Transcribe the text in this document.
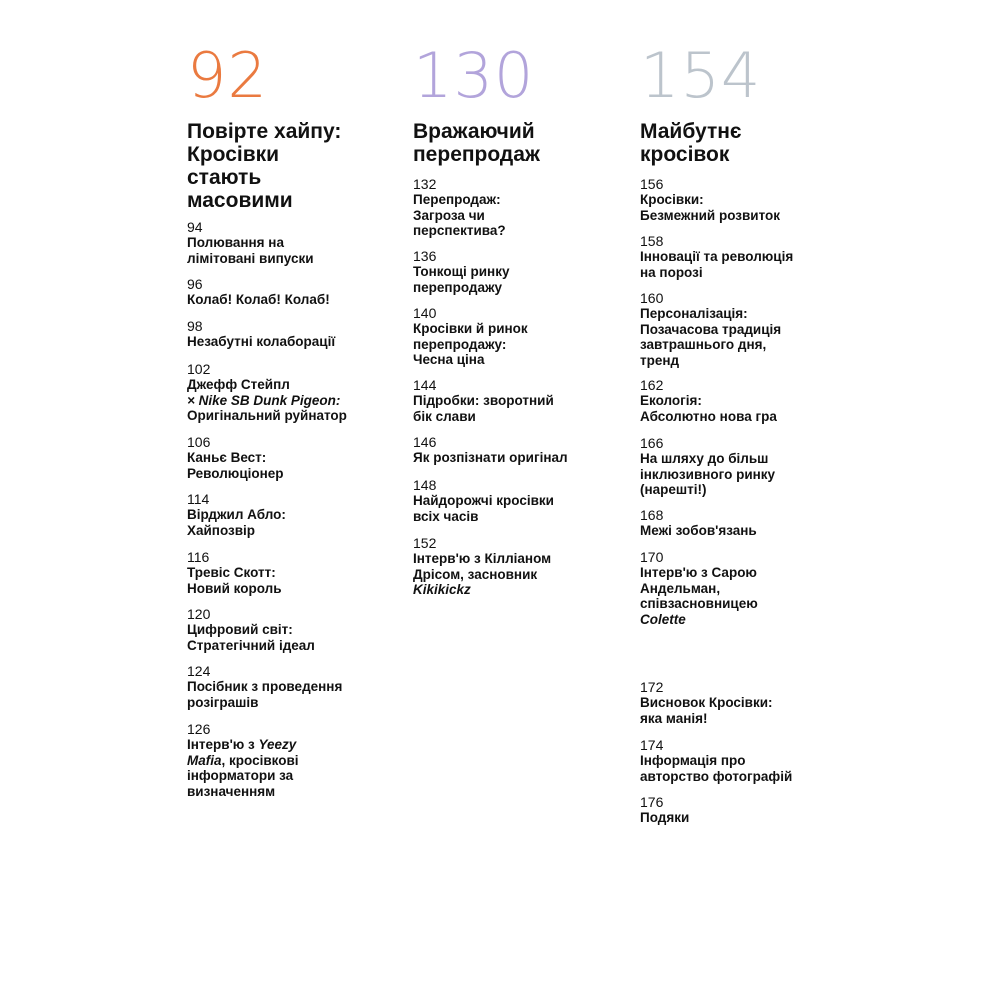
92
Повірте хайпу:
Кросівки
стають
масовими
94
Полювання на
лімітовані випуски
96
Колаб! Колаб! Колаб!
98
Незабутні колаборації
102
Джефф Стейпл
× Nike SB Dunk Pigeon:
Оригінальний руйнатор
106
Каньє Вест:
Революціонер
114
Вірджил Абло:
Хайпозвір
116
Тревіс Скотт:
Новий король
120
Цифровий світ:
Стратегічний ідеал
124
Посібник з проведення
розіграшів
126
Інтерв'ю з Yeezy
Mafia, кросівкові
інформатори за
визначенням
130
Вражаючий
перепродаж
132
Перепродаж:
Загроза чи
перспектива?
136
Тонкощі ринку
перепродажу
140
Кросівки й ринок
перепродажу:
Чесна ціна
144
Підробки: зворотний
бік слави
146
Як розпізнати оригінал
148
Найдорожчі кросівки
всіх часів
152
Інтерв'ю з Кілліаном
Дрісом, засновник
Kikikickz
154
Майбутнє
кросівок
156
Кросівки:
Безмежний розвиток
158
Інновації та революція
на порозі
160
Персоналізація:
Позачасова традиція
завтрашнього дня,
тренд
162
Екологія:
Абсолютно нова гра
166
На шляху до більш
інклюзивного ринку
(нарешті!)
168
Межі зобов'язань
170
Інтерв'ю з Сарою
Андельман,
співзасновницею
Colette
172
Висновок Кросівки:
яка манія!
174
Інформація про
авторство фотографій
176
Подяки
